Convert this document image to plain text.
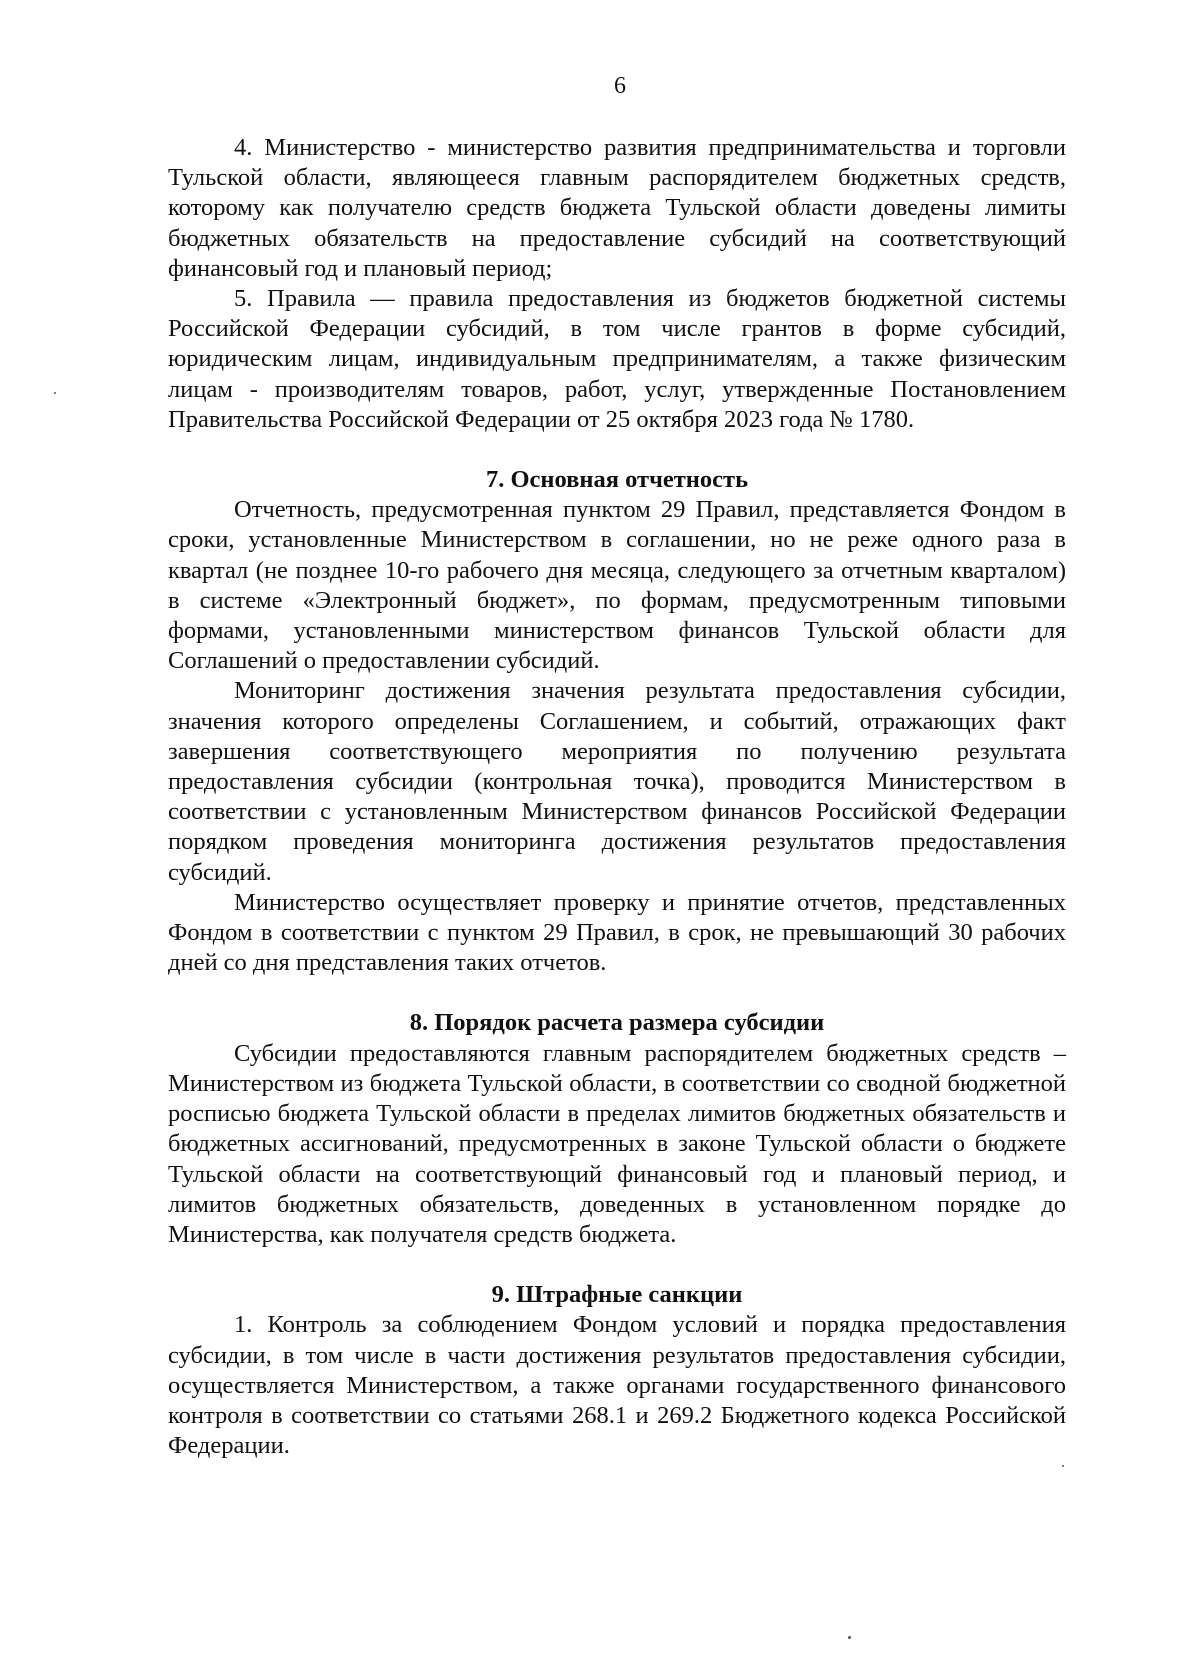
6

4. Министерство - министерство развития предпринимательства и торговли Тульской области, являющееся главным распорядителем бюджетных средств, которому как получателю средств бюджета Тульской области доведены лимиты бюджетных обязательств на предоставление субсидий на соответствующий финансовый год и плановый период;

5. Правила — правила предоставления из бюджетов бюджетной системы Российской Федерации субсидий, в том числе грантов в форме субсидий, юридическим лицам, индивидуальным предпринимателям, а также физическим лицам - производителям товаров, работ, услуг, утвержденные Постановлением Правительства Российской Федерации от 25 октября 2023 года № 1780.

7. Основная отчетность

Отчетность, предусмотренная пунктом 29 Правил, представляется Фондом в сроки, установленные Министерством в соглашении, но не реже одного раза в квартал (не позднее 10-го рабочего дня месяца, следующего за отчетным кварталом) в системе «Электронный бюджет», по формам, предусмотренным типовыми формами, установленными министерством финансов Тульской области для Соглашений о предоставлении субсидий.

Мониторинг достижения значения результата предоставления субсидии, значения которого определены Соглашением, и событий, отражающих факт завершения соответствующего мероприятия по получению результата предоставления субсидии (контрольная точка), проводится Министерством в соответствии с установленным Министерством финансов Российской Федерации порядком проведения мониторинга достижения результатов предоставления субсидий.

Министерство осуществляет проверку и принятие отчетов, представленных Фондом в соответствии с пунктом 29 Правил, в срок, не превышающий 30 рабочих дней со дня представления таких отчетов.

8. Порядок расчета размера субсидии

Субсидии предоставляются главным распорядителем бюджетных средств – Министерством из бюджета Тульской области, в соответствии со сводной бюджетной росписью бюджета Тульской области в пределах лимитов бюджетных обязательств и бюджетных ассигнований, предусмотренных в законе Тульской области о бюджете Тульской области на соответствующий финансовый год и плановый период, и лимитов бюджетных обязательств, доведенных в установленном порядке до Министерства, как получателя средств бюджета.

9. Штрафные санкции

1. Контроль за соблюдением Фондом условий и порядка предоставления субсидии, в том числе в части достижения результатов предоставления субсидии, осуществляется Министерством, а также органами государственного финансового контроля в соответствии со статьями 268.1 и 269.2 Бюджетного кодекса Российской Федерации.
